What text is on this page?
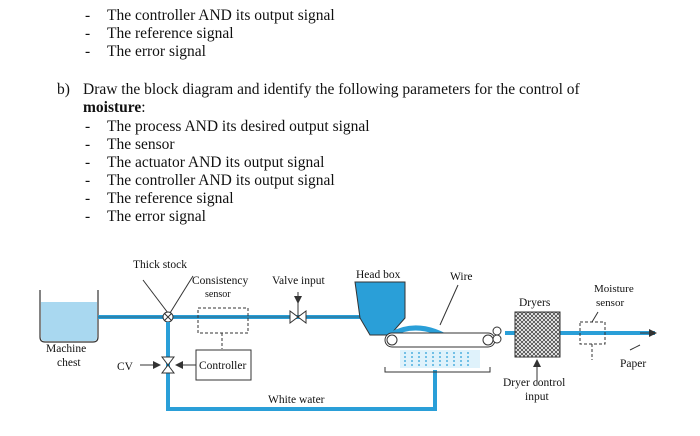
- The controller AND its output signal
- The reference signal
- The error signal
b) Draw the block diagram and identify the following parameters for the control of
moisture:
- The process AND its desired output signal
- The sensor
- The actuator AND its output signal
- The controller AND its output signal
- The reference signal
- The error signal
Thick stock
Consistency
sensor
Valve input	Head box	Wire
Dryers
Moisture
sensor
Machine
chest	CV	Controller
White water
Dryer control
input
Paper
